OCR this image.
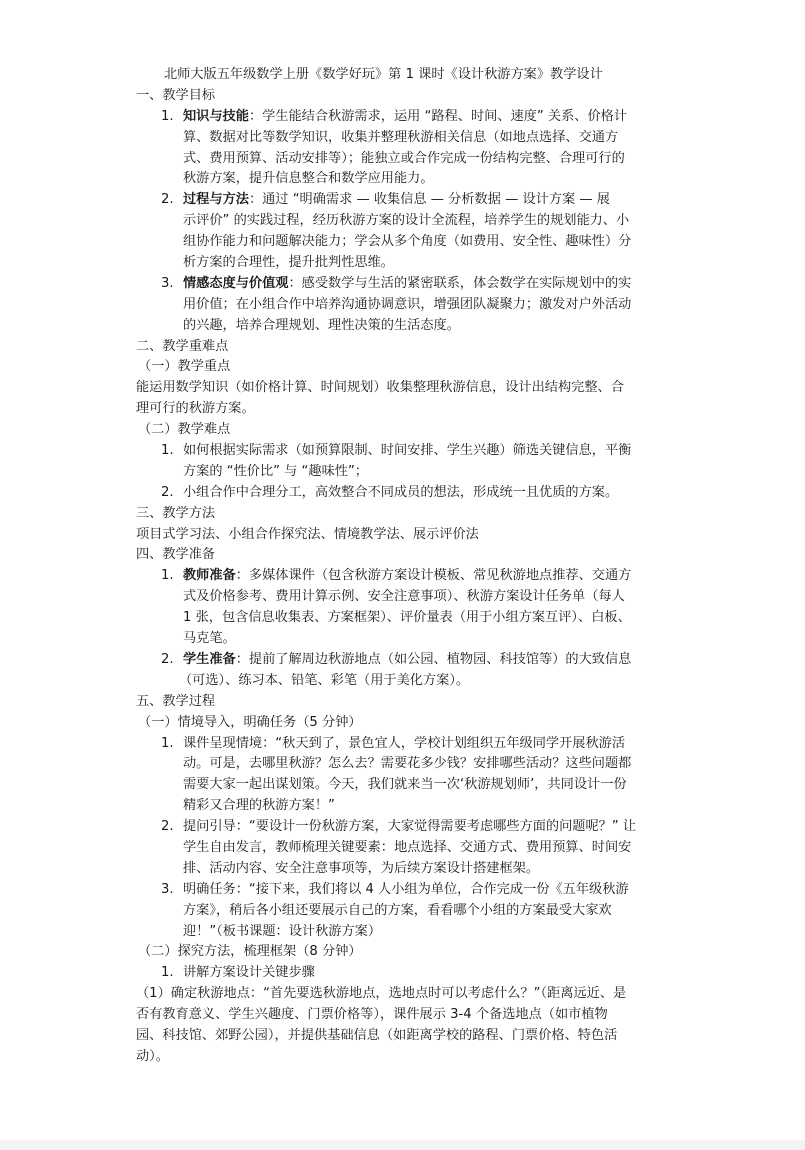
北师大版五年级数学上册《数学好玩》第 1 课时《设计秋游方案》教学设计
一、教学目标
1. 知识与技能：学生能结合秋游需求，运用 “路程、时间、速度” 关系、价格计
算、数据对比等数学知识，收集并整理秋游相关信息（如地点选择、交通方
式、费用预算、活动安排等）；能独立或合作完成一份结构完整、合理可行的
秋游方案，提升信息整合和数学应用能力。
2. 过程与方法：通过 “明确需求 — 收集信息 — 分析数据 — 设计方案 — 展
示评价” 的实践过程，经历秋游方案的设计全流程，培养学生的规划能力、小
组协作能力和问题解决能力；学会从多个角度（如费用、安全性、趣味性）分
析方案的合理性，提升批判性思维。
3. 情感态度与价值观：感受数学与生活的紧密联系，体会数学在实际规划中的实
用价值；在小组合作中培养沟通协调意识，增强团队凝聚力；激发对户外活动
的兴趣，培养合理规划、理性决策的生活态度。
二、教学重难点
（一）教学重点
能运用数学知识（如价格计算、时间规划）收集整理秋游信息，设计出结构完整、合
理可行的秋游方案。
（二）教学难点
1. 如何根据实际需求（如预算限制、时间安排、学生兴趣）筛选关键信息，平衡
方案的 “性价比” 与 “趣味性”；
2. 小组合作中合理分工，高效整合不同成员的想法，形成统一且优质的方案。
三、教学方法
项目式学习法、小组合作探究法、情境教学法、展示评价法
四、教学准备
1. 教师准备：多媒体课件（包含秋游方案设计模板、常见秋游地点推荐、交通方
式及价格参考、费用计算示例、安全注意事项）、秋游方案设计任务单（每人
1 张，包含信息收集表、方案框架）、评价量表（用于小组方案互评）、白板、
马克笔。
2. 学生准备：提前了解周边秋游地点（如公园、植物园、科技馆等）的大致信息
（可选）、练习本、铅笔、彩笔（用于美化方案）。
五、教学过程
（一）情境导入，明确任务（5 分钟）
1. 课件呈现情境：“秋天到了，景色宜人，学校计划组织五年级同学开展秋游活
动。可是，去哪里秋游？怎么去？需要花多少钱？安排哪些活动？这些问题都
需要大家一起出谋划策。今天，我们就来当一次‘秋游规划师’，共同设计一份
精彩又合理的秋游方案！”
2. 提问引导：“要设计一份秋游方案，大家觉得需要考虑哪些方面的问题呢？” 让
学生自由发言，教师梳理关键要素：地点选择、交通方式、费用预算、时间安
排、活动内容、安全注意事项等，为后续方案设计搭建框架。
3. 明确任务：“接下来，我们将以 4 人小组为单位，合作完成一份《五年级秋游
方案》，稍后各小组还要展示自己的方案，看看哪个小组的方案最受大家欢
迎！”（板书课题：设计秋游方案）
（二）探究方法，梳理框架（8 分钟）
1. 讲解方案设计关键步骤
（1）确定秋游地点：“首先要选秋游地点，选地点时可以考虑什么？”（距离远近、是
否有教育意义、学生兴趣度、门票价格等），课件展示 3-4 个备选地点（如市植物
园、科技馆、郊野公园），并提供基础信息（如距离学校的路程、门票价格、特色活
动）。
